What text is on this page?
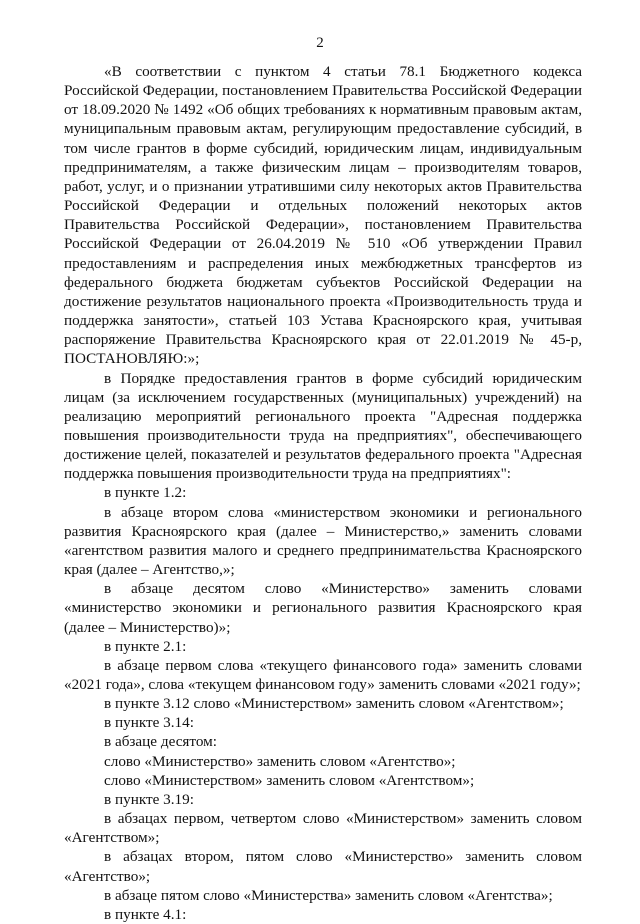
2

«В соответствии с пунктом 4 статьи 78.1 Бюджетного кодекса Российской Федерации, постановлением Правительства Российской Федерации от 18.09.2020 № 1492 «Об общих требованиях к нормативным правовым актам, муниципальным правовым актам, регулирующим предоставление субсидий, в том числе грантов в форме субсидий, юридическим лицам, индивидуальным предпринимателям, а также физическим лицам – производителям товаров, работ, услуг, и о признании утратившими силу некоторых актов Правительства Российской Федерации и отдельных положений некоторых актов Правительства Российской Федерации», постановлением Правительства Российской Федерации от 26.04.2019 № 510 «Об утверждении Правил предоставлениям и распределения иных межбюджетных трансфертов из федерального бюджета бюджетам субъектов Российской Федерации на достижение результатов национального проекта «Производительность труда и поддержка занятости», статьей 103 Устава Красноярского края, учитывая распоряжение Правительства Красноярского края от 22.01.2019 № 45-р, ПОСТАНОВЛЯЮ:»;

в Порядке предоставления грантов в форме субсидий юридическим лицам (за исключением государственных (муниципальных) учреждений) на реализацию мероприятий регионального проекта "Адресная поддержка повышения производительности труда на предприятиях", обеспечивающего достижение целей, показателей и результатов федерального проекта "Адресная поддержка повышения производительности труда на предприятиях":

в пункте 1.2:

в абзаце втором слова «министерством экономики и регионального развития Красноярского края (далее – Министерство,» заменить словами «агентством развития малого и среднего предпринимательства Красноярского края (далее – Агентство,»;

в абзаце десятом слово «Министерство» заменить словами «министерство экономики и регионального развития Красноярского края (далее – Министерство)»;

в пункте 2.1:

в абзаце первом слова «текущего финансового года» заменить словами «2021 года», слова «текущем финансовом году» заменить словами «2021 году»;

в пункте 3.12 слово «Министерством» заменить словом «Агентством»;

в пункте 3.14:

в абзаце десятом:

слово «Министерство» заменить словом «Агентство»;

слово «Министерством» заменить словом «Агентством»;

в пункте 3.19:

в абзацах первом, четвертом слово «Министерством» заменить словом «Агентством»;

в абзацах втором, пятом слово «Министерство» заменить словом «Агентство»;

в абзаце пятом слово «Министерства» заменить словом «Агентства»;

в пункте 4.1:
